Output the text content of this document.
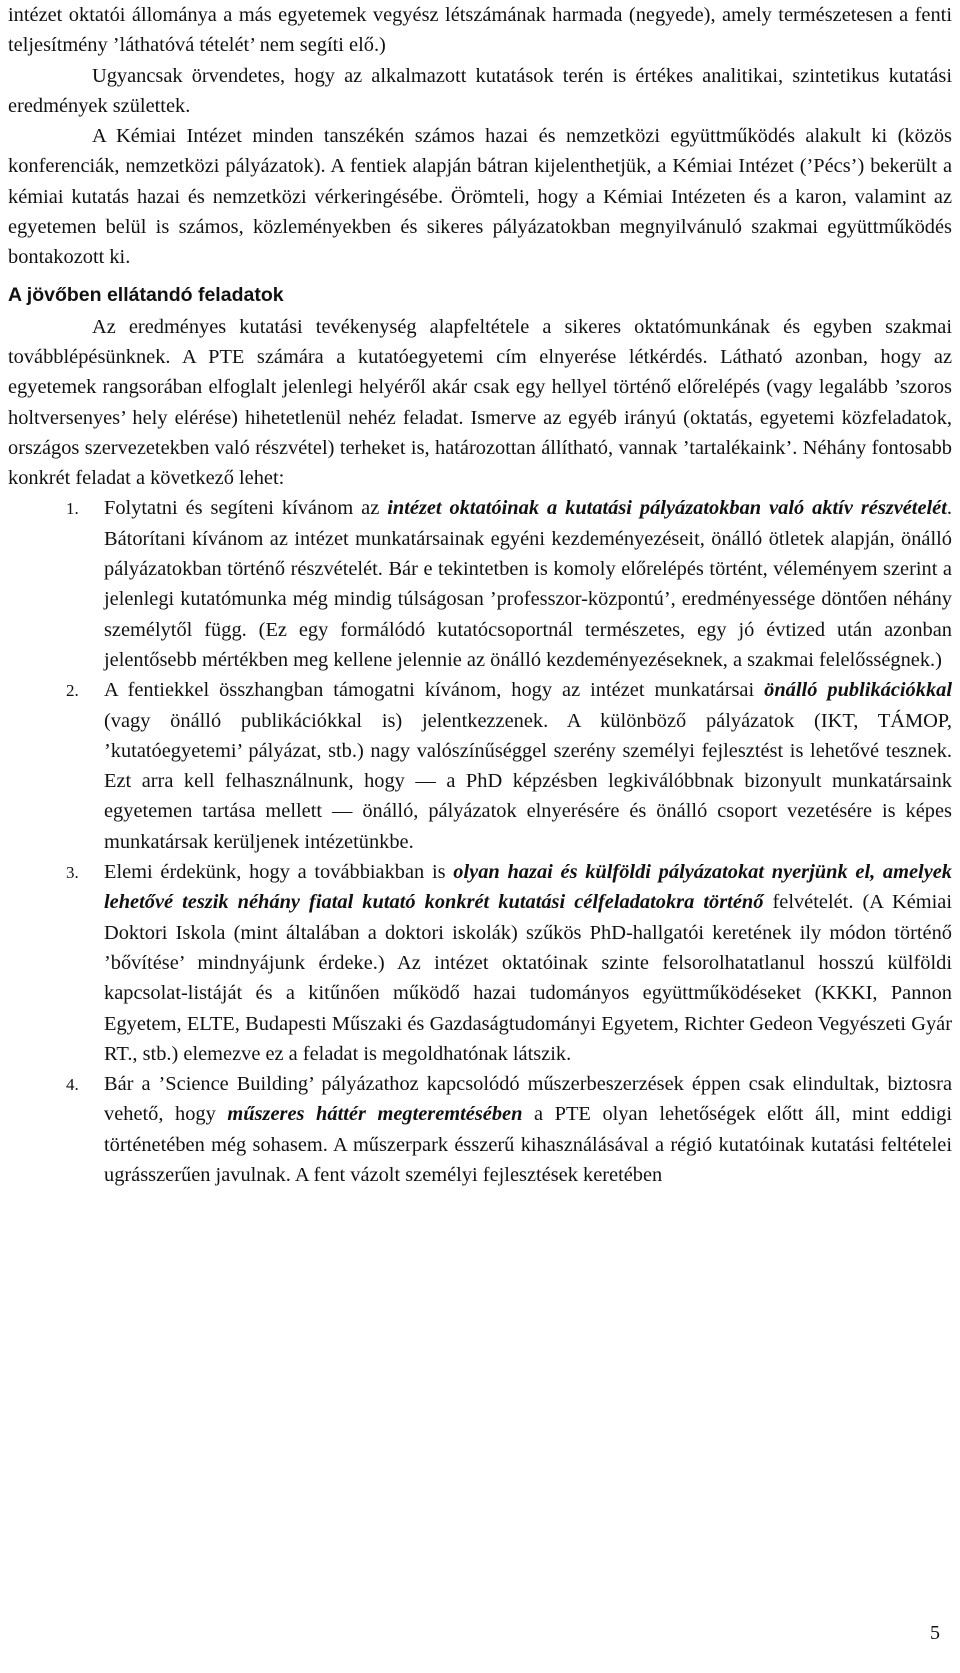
intézet oktatói állománya a más egyetemek vegyész létszámának harmada (negyede), amely természetesen a fenti teljesítmény ’láthatóvá tételét’ nem segíti elő.)

Ugyancsak örvendetes, hogy az alkalmazott kutatások terén is értékes analitikai, szintetikus kutatási eredmények születtek.

A Kémiai Intézet minden tanszékén számos hazai és nemzetközi együttműködés alakult ki (közös konferenciák, nemzetközi pályázatok). A fentiek alapján bátran kijelenthetjük, a Kémiai Intézet (’Pécs’) bekerült a kémiai kutatás hazai és nemzetközi vérkeringésébe. Örömteli, hogy a Kémiai Intézeten és a karon, valamint az egyetemen belül is számos, közleményekben és sikeres pályázatokban megnyilvánuló szakmai együttműködés bontakozott ki.

A jövőben ellátandó feladatok

Az eredményes kutatási tevékenység alapfeltétele a sikeres oktatómunkának és egyben szakmai továbblépésünknek. A PTE számára a kutatóegyetemi cím elnyerése létkérdés. Látható azonban, hogy az egyetemek rangsorában elfoglalt jelenlegi helyéről akár csak egy hellyel történő előrelépés (vagy legalább ’szoros holtversenyes’ hely elérése) hihetetlenül nehéz feladat. Ismerve az egyéb irányú (oktatás, egyetemi közfeladatok, országos szervezetekben való részvétel) terheket is, határozottan állítható, vannak ’tartalékaink’. Néhány fontosabb konkrét feladat a következő lehet:

1. Folytatni és segíteni kívánom az intézet oktatóinak a kutatási pályázatokban való aktív részvételét. Bátorítani kívánom az intézet munkatársainak egyéni kezdeményezéseit, önálló ötletek alapján, önálló pályázatokban történő részvételét. Bár e tekintetben is komoly előrelépés történt, véleményem szerint a jelenlegi kutatómunka még mindig túlságosan ’professzor-központú’, eredményessége döntően néhány személytől függ. (Ez egy formálódó kutatócsoportnál természetes, egy jó évtized után azonban jelentősebb mértékben meg kellene jelennie az önálló kezdeményezéseknek, a szakmai felelősségnek.)

2. A fentiekkel összhangban támogatni kívánom, hogy az intézet munkatársai önálló publikációkkal (vagy önálló publikációkkal is) jelentkezzenek. A különböző pályázatok (IKT, TÁMOP, ’kutatóegyetemi’ pályázat, stb.) nagy valószínűséggel szerény személyi fejlesztést is lehetővé tesznek. Ezt arra kell felhasználnunk, hogy — a PhD képzésben legkiválóbbnak bizonyult munkatársaink egyetemen tartása mellett — önálló, pályázatok elnyerésére és önálló csoport vezetésére is képes munkatársak kerüljenek intézetünkbe.

3. Elemi érdekünk, hogy a továbbiakban is olyan hazai és külföldi pályázatokat nyerjünk el, amelyek lehetővé teszik néhány fiatal kutató konkrét kutatási célfeladatokra történő felvételét. (A Kémiai Doktori Iskola (mint általában a doktori iskolák) szűkös PhD-hallgatói keretének ily módon történő ’bővítése’ mindnyájunk érdeke.) Az intézet oktatóinak szinte felsorolhatatlanul hosszú külföldi kapcsolat-listáját és a kitűnően működő hazai tudományos együttműködéseket (KKKI, Pannon Egyetem, ELTE, Budapesti Műszaki és Gazdaságtudományi Egyetem, Richter Gedeon Vegyészeti Gyár RT., stb.) elemezve ez a feladat is megoldhatónak látszik.

4. Bár a ’Science Building’ pályázathoz kapcsolódó műszerbeszerzések éppen csak elindultak, biztosra vehető, hogy műszeres háttér megteremtésében a PTE olyan lehetőségek előtt áll, mint eddigi történetében még sohasem. A műszerpark ésszerű kihasználásával a régió kutatóinak kutatási feltételei ugrásszerűen javulnak. A fent vázolt személyi fejlesztések keretében

5
